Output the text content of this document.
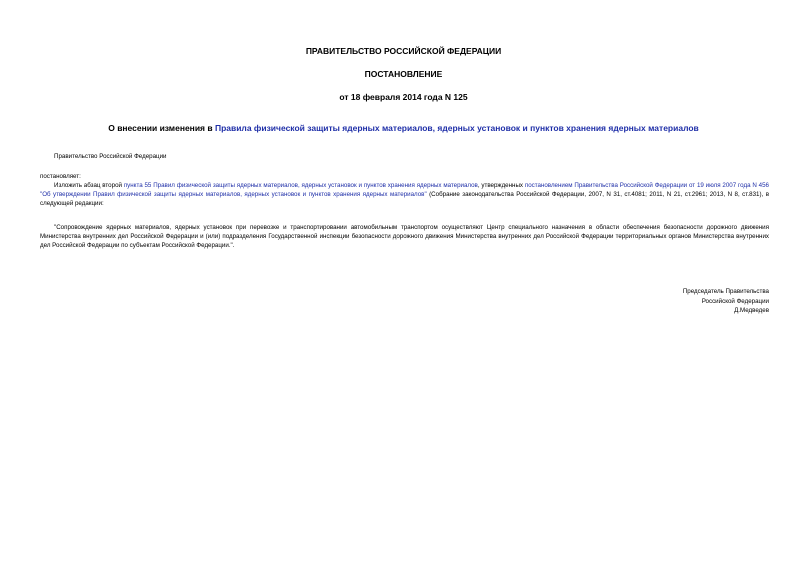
ПРАВИТЕЛЬСТВО РОССИЙСКОЙ ФЕДЕРАЦИИ
ПОСТАНОВЛЕНИЕ
от 18 февраля 2014 года N 125
О внесении изменения в Правила физической защиты ядерных материалов, ядерных установок и пунктов хранения ядерных материалов
Правительство Российской Федерации
постановляет:
Изложить абзац второй пункта 55 Правил физической защиты ядерных материалов, ядерных установок и пунктов хранения ядерных материалов, утвержденных постановлением Правительства Российской Федерации от 19 июля 2007 года N 456 "Об утверждении Правил физической защиты ядерных материалов, ядерных установок и пунктов хранения ядерных материалов" (Собрание законодательства Российской Федерации, 2007, N 31, ст.4081; 2011, N 21, ст.2961; 2013, N 8, ст.831), в следующей редакции:
"Сопровождение ядерных материалов, ядерных установок при перевозке и транспортировании автомобильным транспортом осуществляют Центр специального назначения в области обеспечения безопасности дорожного движения Министерства внутренних дел Российской Федерации и (или) подразделения Государственной инспекции безопасности дорожного движения Министерства внутренних дел Российской Федерации территориальных органов Министерства внутренних дел Российской Федерации по субъектам Российской Федерации.".
Председатель Правительства
Российской Федерации
Д.Медведев
